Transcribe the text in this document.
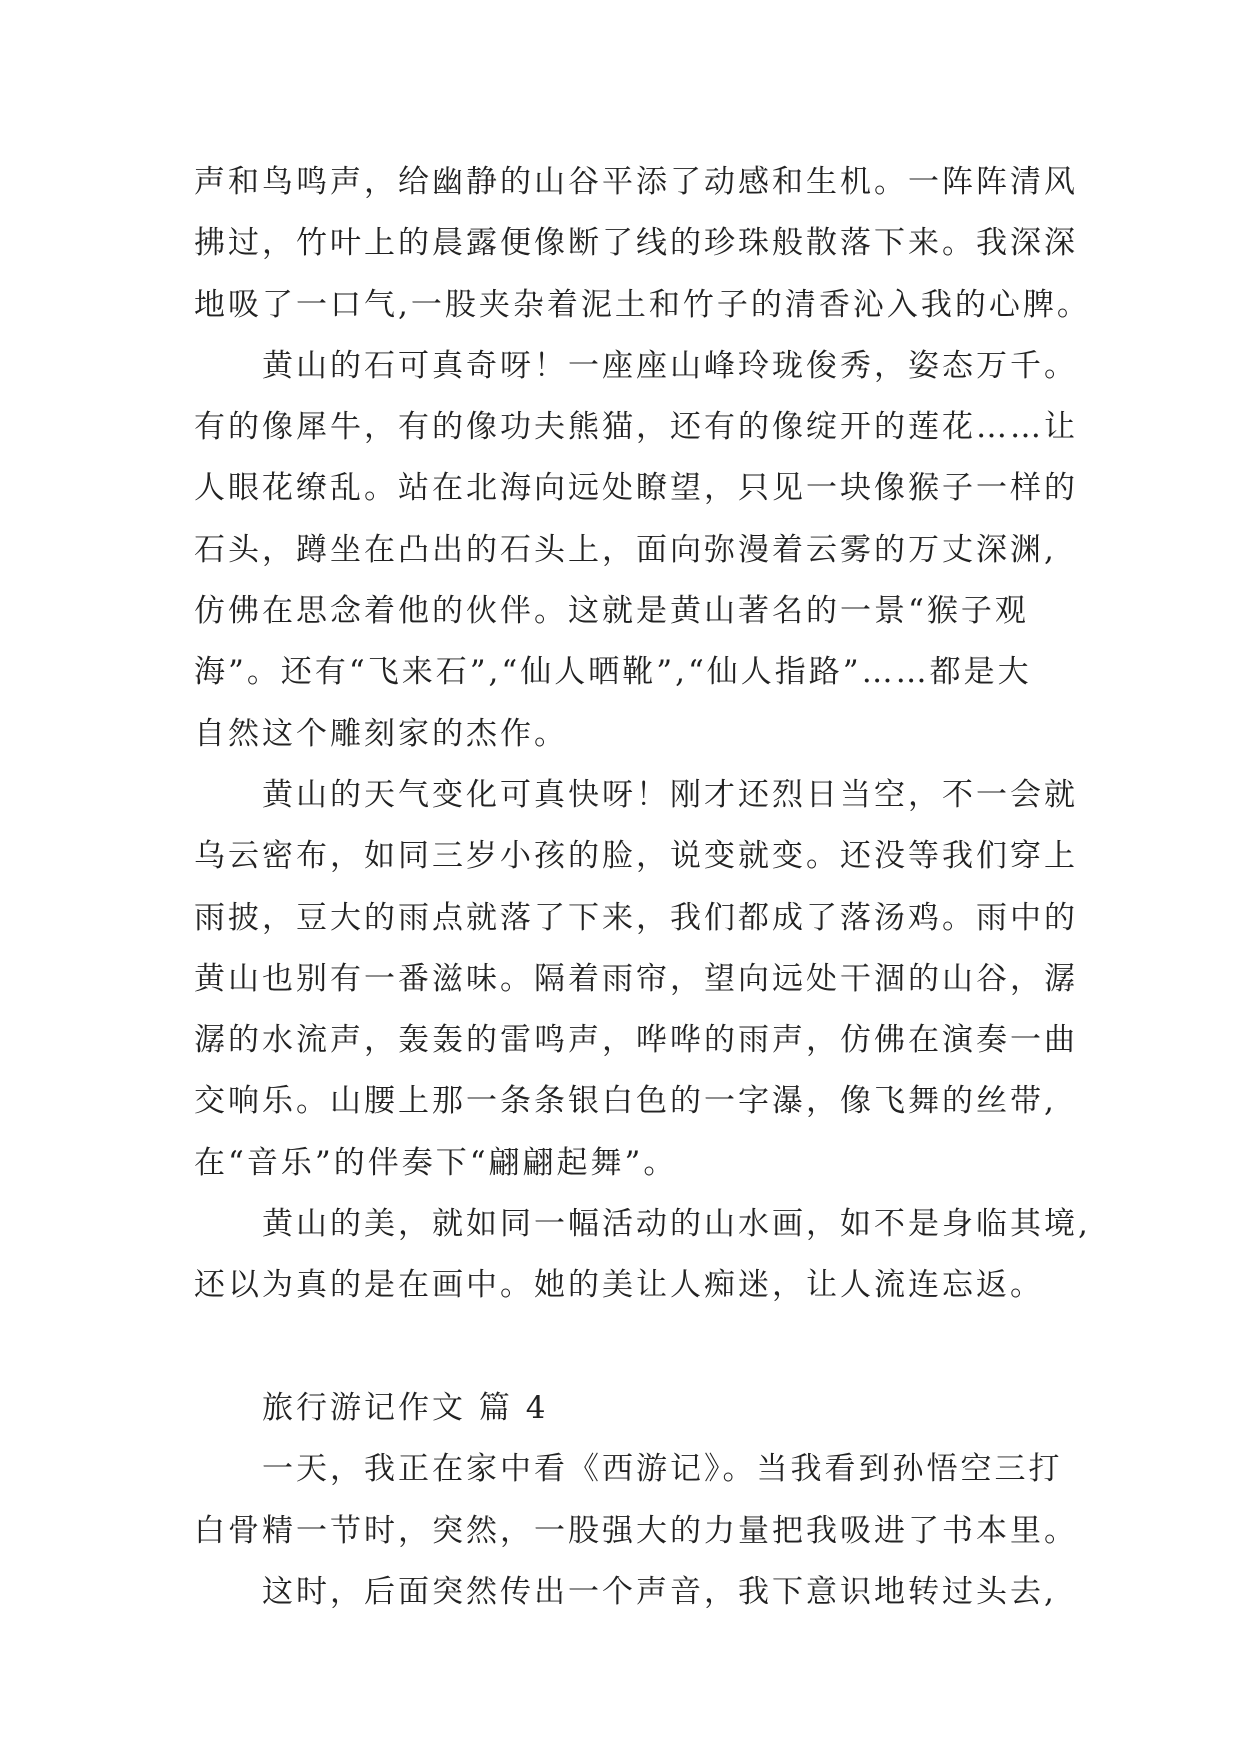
声和鸟鸣声，给幽静的山谷平添了动感和生机。一阵阵清风
拂过，竹叶上的晨露便像断了线的珍珠般散落下来。我深深
地吸了一口气,一股夹杂着泥土和竹子的清香沁入我的心脾。
黄山的石可真奇呀！一座座山峰玲珑俊秀，姿态万千。
有的像犀牛，有的像功夫熊猫，还有的像绽开的莲花……让
人眼花缭乱。站在北海向远处瞭望，只见一块像猴子一样的
石头，蹲坐在凸出的石头上，面向弥漫着云雾的万丈深渊,
仿佛在思念着他的伙伴。这就是黄山著名的一景“猴子观
海”。还有“飞来石”,“仙人晒靴”,“仙人指路”……都是大
自然这个雕刻家的杰作。
黄山的天气变化可真快呀！刚才还烈日当空，不一会就
乌云密布，如同三岁小孩的脸，说变就变。还没等我们穿上
雨披，豆大的雨点就落了下来，我们都成了落汤鸡。雨中的
黄山也别有一番滋味。隔着雨帘，望向远处干涸的山谷，潺
潺的水流声，轰轰的雷鸣声，哗哗的雨声，仿佛在演奏一曲
交响乐。山腰上那一条条银白色的一字瀑，像飞舞的丝带,
在“音乐”的伴奏下“翩翩起舞”。
黄山的美，就如同一幅活动的山水画，如不是身临其境,
还以为真的是在画中。她的美让人痴迷，让人流连忘返。
旅行游记作文 篇 4
一天，我正在家中看《西游记》。当我看到孙悟空三打
白骨精一节时，突然，一股强大的力量把我吸进了书本里。
这时，后面突然传出一个声音，我下意识地转过头去,
